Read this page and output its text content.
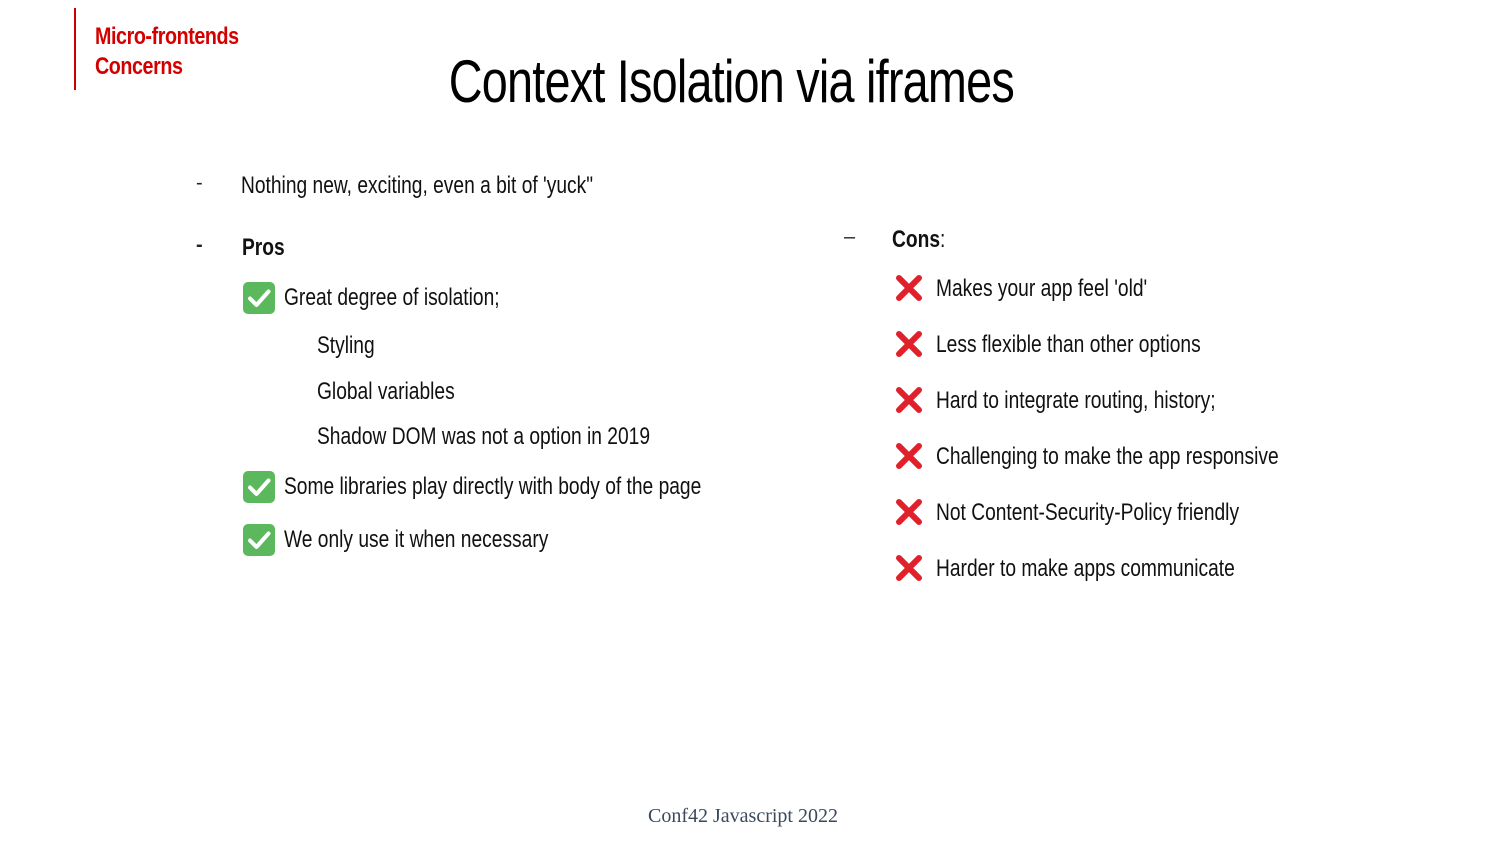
Micro-frontends
Concerns	Context Isolation via iframes
- Nothing new, exciting, even a bit of 'yuck"
- Pros
Great degree of isolation;
Styling
Global variables
Shadow DOM was not a option in 2019
Some libraries play directly with body of the page
We only use it when necessary
– Cons:
Makes your app feel 'old'
Less flexible than other options
Hard to integrate routing, history;
Challenging to make the app responsive
Not Content-Security-Policy friendly
Harder to make apps communicate
Conf42 Javascript 2022
